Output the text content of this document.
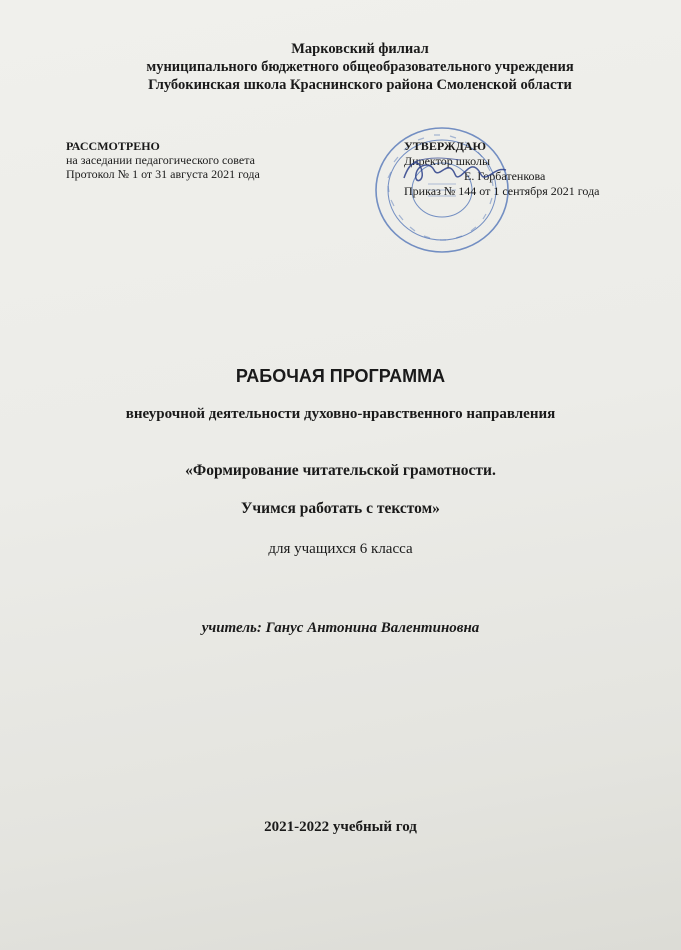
Марковский филиал
муниципального бюджетного общеобразовательного учреждения
Глубокинская школа Краснинского района Смоленской области
РАССМОТРЕНО
на заседании педагогического совета
Протокол № 1 от 31 августа 2021 года
УТВЕРЖДАЮ
Директор школы
Е. Горбатенкова
Приказ № 144 от 1 сентября 2021 года
РАБОЧАЯ ПРОГРАММА
внеурочной деятельности духовно-нравственного направления
«Формирование читательской грамотности.
Учимся работать с текстом»
для учащихся 6 класса
учитель: Ганус Антонина Валентиновна
2021-2022 учебный год
